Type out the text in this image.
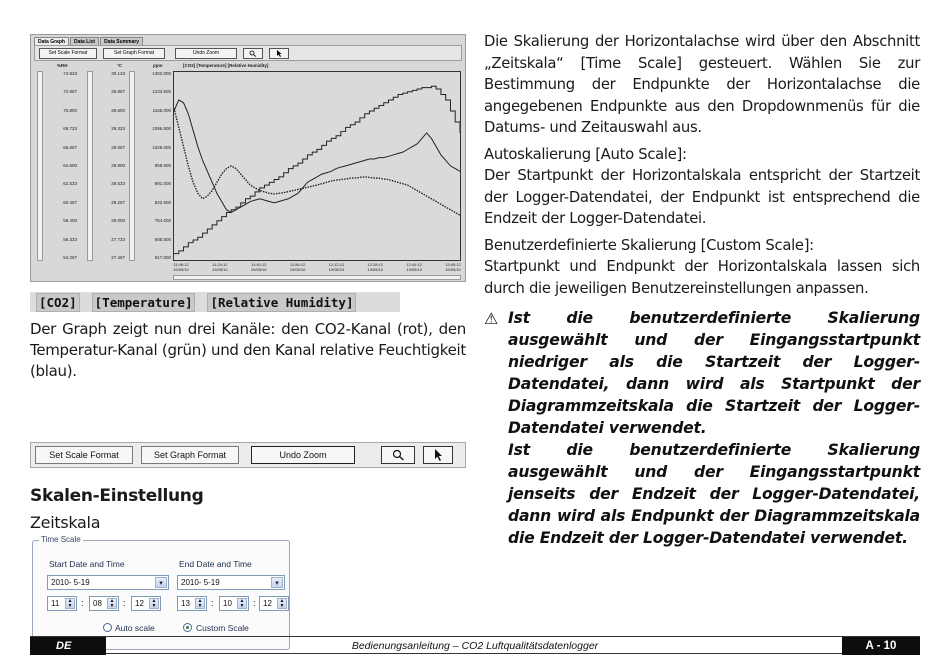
Data Graph	Data List	Data Summary
Set Scale Format	Set Graph Format	Undo Zoom
%RH	°C	ppm	[CO2] [Temperature] [Relative Humidity]
74.933
72.867
70.800
68.733
66.667
64.600
62.533
60.467
58.400
56.333
54.267
30.133
29.867
29.600
29.333
29.067
28.800
28.533
28.267
28.000
27.733
27.467
1302.000
1233.500
1165.000
1096.500
1028.000
959.500
891.000
822.500
754.000
685.500
617.000
11:08:12
19/05/10
11:24:12
19/05/10
11:40:12
19/05/10
11:56:12
19/05/10
12:12:12
19/05/10
12:28:12
19/05/10
12:44:12
19/05/10
13:00:12
19/05/10
[CO2] [Temperature] [Relative Humidity]
Der Graph zeigt nun drei Kanäle: den CO2-Kanal (rot), den Temperatur-Kanal (grün) und den Kanal relative Feuchtigkeit (blau).
Set Scale Format	Set Graph Format	Undo Zoom
Skalen-Einstellung
Zeitskala
Time Scale
Start Date and Time	End Date and Time
2010- 5-19	▾	2010- 5-19	▾
11 ▲
▼ : 08 ▲
▼ : 12 ▲
▼	13 ▲
▼ : 10 ▲
▼ : 12 ▲
▼
Auto scale	Custom Scale

Die Skalierung der Horizontalachse wird über den Abschnitt „Zeitskala“ [Time Scale] gesteuert. Wählen Sie zur Bestimmung der Endpunkte der Horizontalachse die angegebenen Endpunkte aus den Dropdownmenüs für die Datums- und Zeitauswahl aus.

Autoskalierung [Auto Scale]:

Der Startpunkt der Horizontalskala entspricht der Startzeit der Logger-Datendatei, der Endpunkt ist entsprechend die Endzeit der Logger-Datendatei.

Benutzerdefinierte Skalierung [Custom Scale]:

Startpunkt und Endpunkt der Horizontalskala lassen sich durch die jeweiligen Benutzereinstellungen anpassen.

⚠ Ist die benutzerdefinierte Skalierung ausgewählt und der Eingangsstartpunkt niedriger als die Startzeit der Logger-Datendatei, dann wird als Startpunkt der Diagrammzeitskala die Startzeit der Logger-Datendatei verwendet.
Ist die benutzerdefinierte Skalierung ausgewählt und der Eingangsstartpunkt jenseits der Endzeit der Logger-Datendatei, dann wird als Endpunkt der Diagrammzeitskala die Endzeit der Logger-Datendatei verwendet.
Bedienungsanleitung – CO2 Luftqualitätsdatenlogger
DE	A - 10
